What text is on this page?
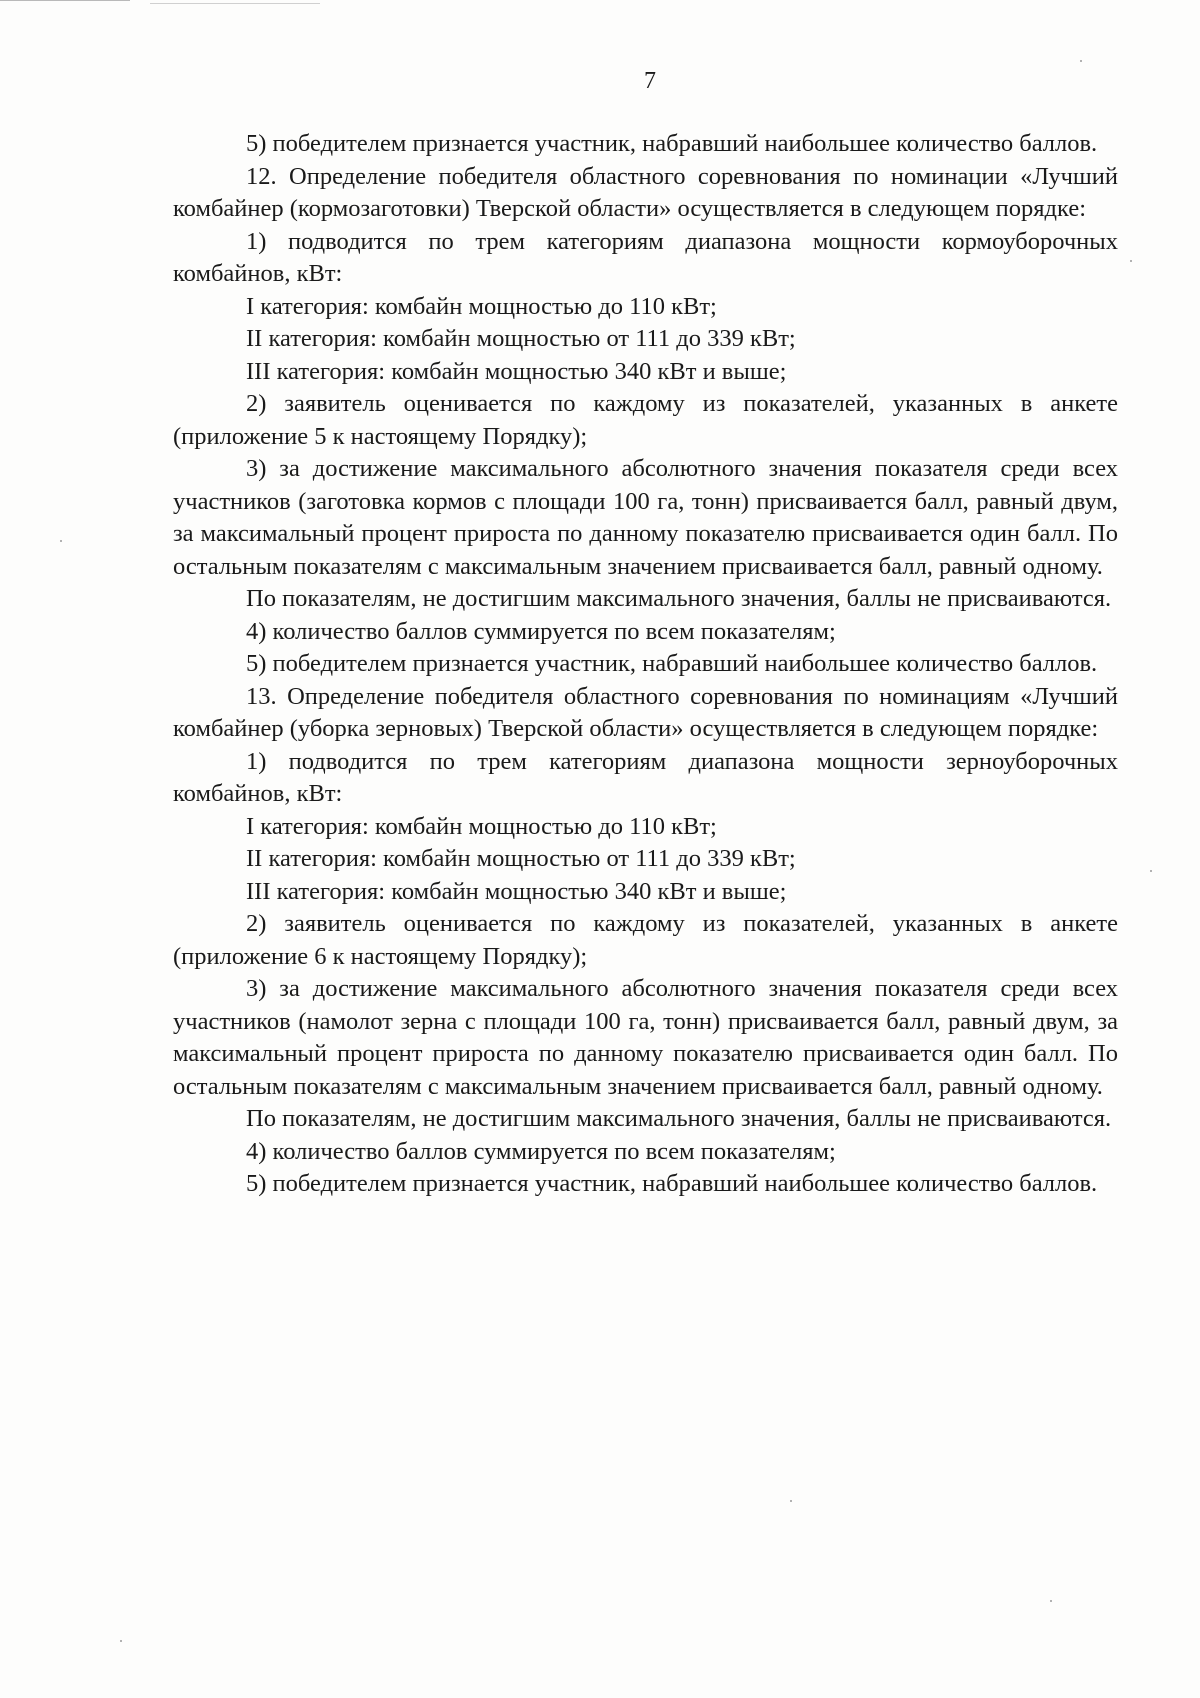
7

5) победителем признается участник, набравший наибольшее количество баллов.

12. Определение победителя областного соревнования по номинации «Лучший комбайнер (кормозаготовки) Тверской области» осуществляется в следующем порядке:

1) подводится по трем категориям диапазона мощности кормоуборочных комбайнов, кВт:

I категория: комбайн мощностью до 110 кВт;

II категория: комбайн мощностью от 111 до 339 кВт;

III категория: комбайн мощностью 340 кВт и выше;

2) заявитель оценивается по каждому из показателей, указанных в анкете (приложение 5 к настоящему Порядку);

3) за достижение максимального абсолютного значения показателя среди всех участников (заготовка кормов с площади 100 га, тонн) присваивается балл, равный двум, за максимальный процент прироста по данному показателю присваивается один балл. По остальным показателям с максимальным значением присваивается балл, равный одному.

По показателям, не достигшим максимального значения, баллы не присваиваются.

4) количество баллов суммируется по всем показателям;

5) победителем признается участник, набравший наибольшее количество баллов.

13. Определение победителя областного соревнования по номинациям «Лучший комбайнер (уборка зерновых) Тверской области» осуществляется в следующем порядке:

1) подводится по трем категориям диапазона мощности зерноуборочных комбайнов, кВт:

I категория: комбайн мощностью до 110 кВт;

II категория: комбайн мощностью от 111 до 339 кВт;

III категория: комбайн мощностью 340 кВт и выше;

2) заявитель оценивается по каждому из показателей, указанных в анкете (приложение 6 к настоящему Порядку);

3) за достижение максимального абсолютного значения показателя среди всех участников (намолот зерна с площади 100 га, тонн) присваивается балл, равный двум, за максимальный процент прироста по данному показателю присваивается один балл. По остальным показателям с максимальным значением присваивается балл, равный одному.

По показателям, не достигшим максимального значения, баллы не присваиваются.

4) количество баллов суммируется по всем показателям;

5) победителем признается участник, набравший наибольшее количество баллов.
